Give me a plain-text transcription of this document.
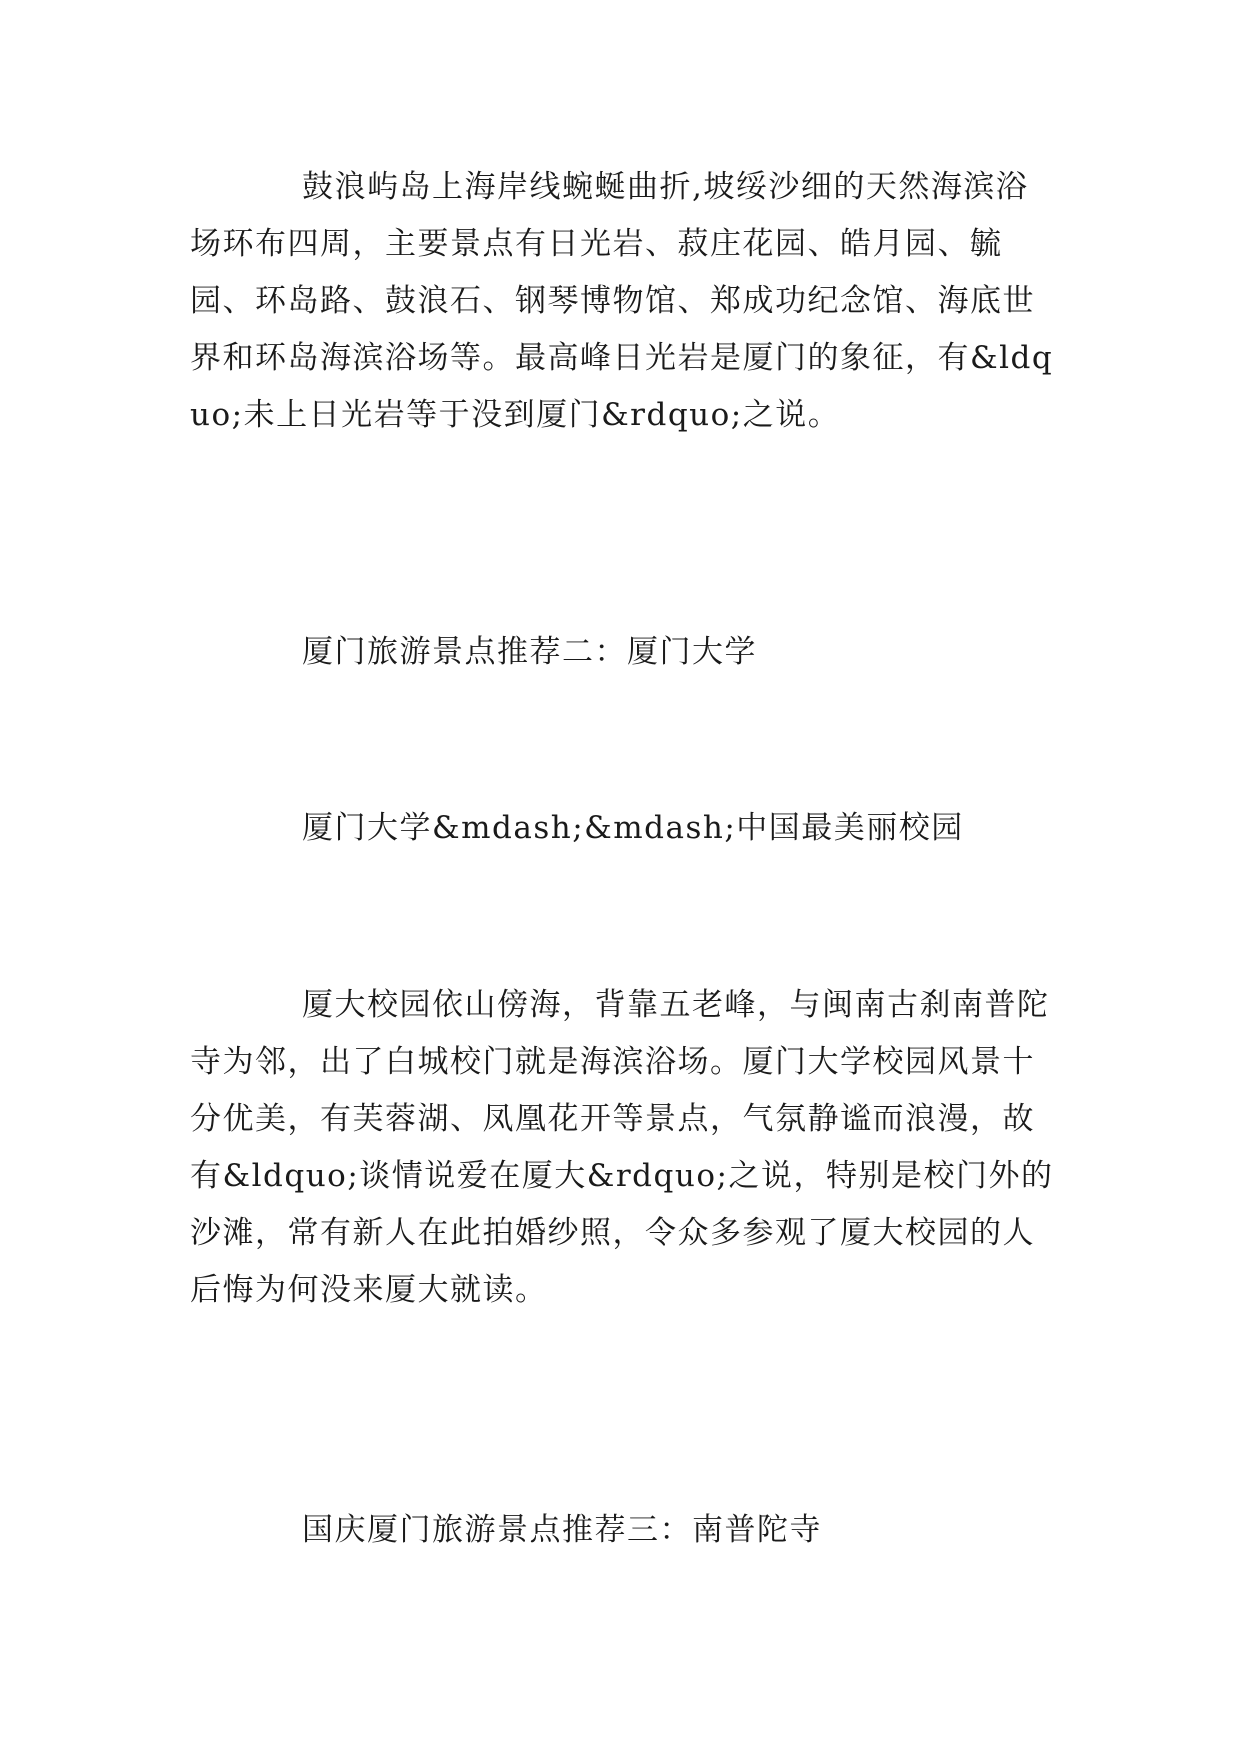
鼓浪屿岛上海岸线蜿蜒曲折,坡绥沙细的天然海滨浴场环布四周，主要景点有日光岩、菽庄花园、皓月园、毓园、环岛路、鼓浪石、钢琴博物馆、郑成功纪念馆、海底世界和环岛海滨浴场等。最高峰日光岩是厦门的象征，有&ldquo;未上日光岩等于没到厦门&rdquo;之说。

厦门旅游景点推荐二：厦门大学

厦门大学&mdash;&mdash;中国最美丽校园

厦大校园依山傍海，背靠五老峰，与闽南古刹南普陀寺为邻，出了白城校门就是海滨浴场。厦门大学校园风景十分优美，有芙蓉湖、凤凰花开等景点，气氛静谧而浪漫，故有&ldquo;谈情说爱在厦大&rdquo;之说，特别是校门外的沙滩，常有新人在此拍婚纱照，令众多参观了厦大校园的人后悔为何没来厦大就读。

国庆厦门旅游景点推荐三：南普陀寺
